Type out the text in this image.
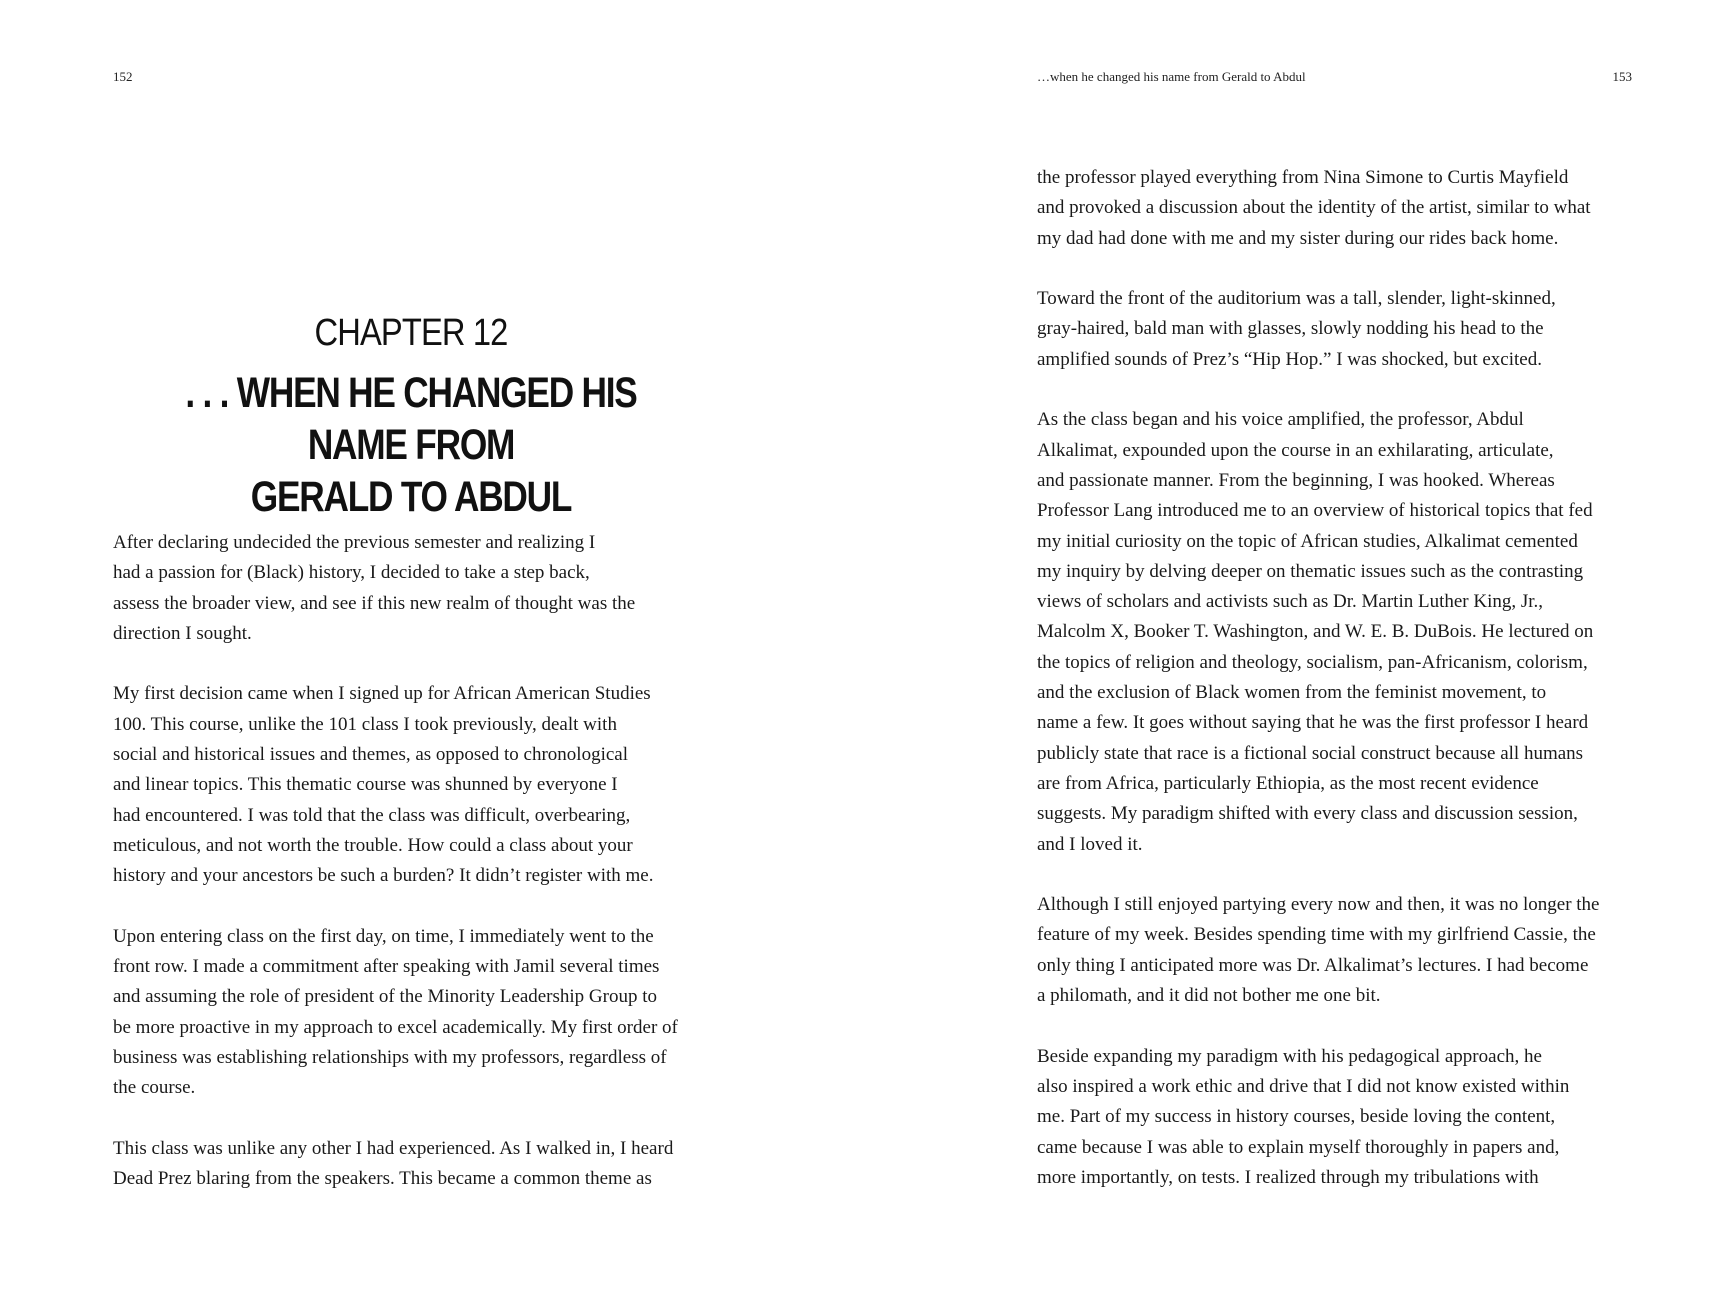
152
CHAPTER 12
. . . WHEN HE CHANGED HIS NAME FROM
GERALD TO ABDUL

After declaring undecided the previous semester and realizing I
had a passion for (Black) history, I decided to take a step back,
assess the broader view, and see if this new realm of thought was the
direction I sought.

My first decision came when I signed up for African American Studies
100. This course, unlike the 101 class I took previously, dealt with
social and historical issues and themes, as opposed to chronological
and linear topics. This thematic course was shunned by everyone I
had encountered. I was told that the class was difficult, overbearing,
meticulous, and not worth the trouble. How could a class about your
history and your ancestors be such a burden? It didn’t register with me.

Upon entering class on the first day, on time, I immediately went to the
front row. I made a commitment after speaking with Jamil several times
and assuming the role of president of the Minority Leadership Group to
be more proactive in my approach to excel academically. My first order of
business was establishing relationships with my professors, regardless of
the course.

This class was unlike any other I had experienced. As I walked in, I heard
Dead Prez blaring from the speakers. This became a common theme as

…when he changed his name from Gerald to Abdul	153

the professor played everything from Nina Simone to Curtis Mayfield
and provoked a discussion about the identity of the artist, similar to what
my dad had done with me and my sister during our rides back home.

Toward the front of the auditorium was a tall, slender, light-skinned,
gray-haired, bald man with glasses, slowly nodding his head to the
amplified sounds of Prez’s “Hip Hop.” I was shocked, but excited.

As the class began and his voice amplified, the professor, Abdul
Alkalimat, expounded upon the course in an exhilarating, articulate,
and passionate manner. From the beginning, I was hooked. Whereas
Professor Lang introduced me to an overview of historical topics that fed
my initial curiosity on the topic of African studies, Alkalimat cemented
my inquiry by delving deeper on thematic issues such as the contrasting
views of scholars and activists such as Dr. Martin Luther King, Jr.,
Malcolm X, Booker T. Washington, and W. E. B. DuBois. He lectured on
the topics of religion and theology, socialism, pan-Africanism, colorism,
and the exclusion of Black women from the feminist movement, to
name a few. It goes without saying that he was the first professor I heard
publicly state that race is a fictional social construct because all humans
are from Africa, particularly Ethiopia, as the most recent evidence
suggests. My paradigm shifted with every class and discussion session,
and I loved it.

Although I still enjoyed partying every now and then, it was no longer the
feature of my week. Besides spending time with my girlfriend Cassie, the
only thing I anticipated more was Dr. Alkalimat’s lectures. I had become
a philomath, and it did not bother me one bit.

Beside expanding my paradigm with his pedagogical approach, he
also inspired a work ethic and drive that I did not know existed within
me. Part of my success in history courses, beside loving the content,
came because I was able to explain myself thoroughly in papers and,
more importantly, on tests. I realized through my tribulations with
